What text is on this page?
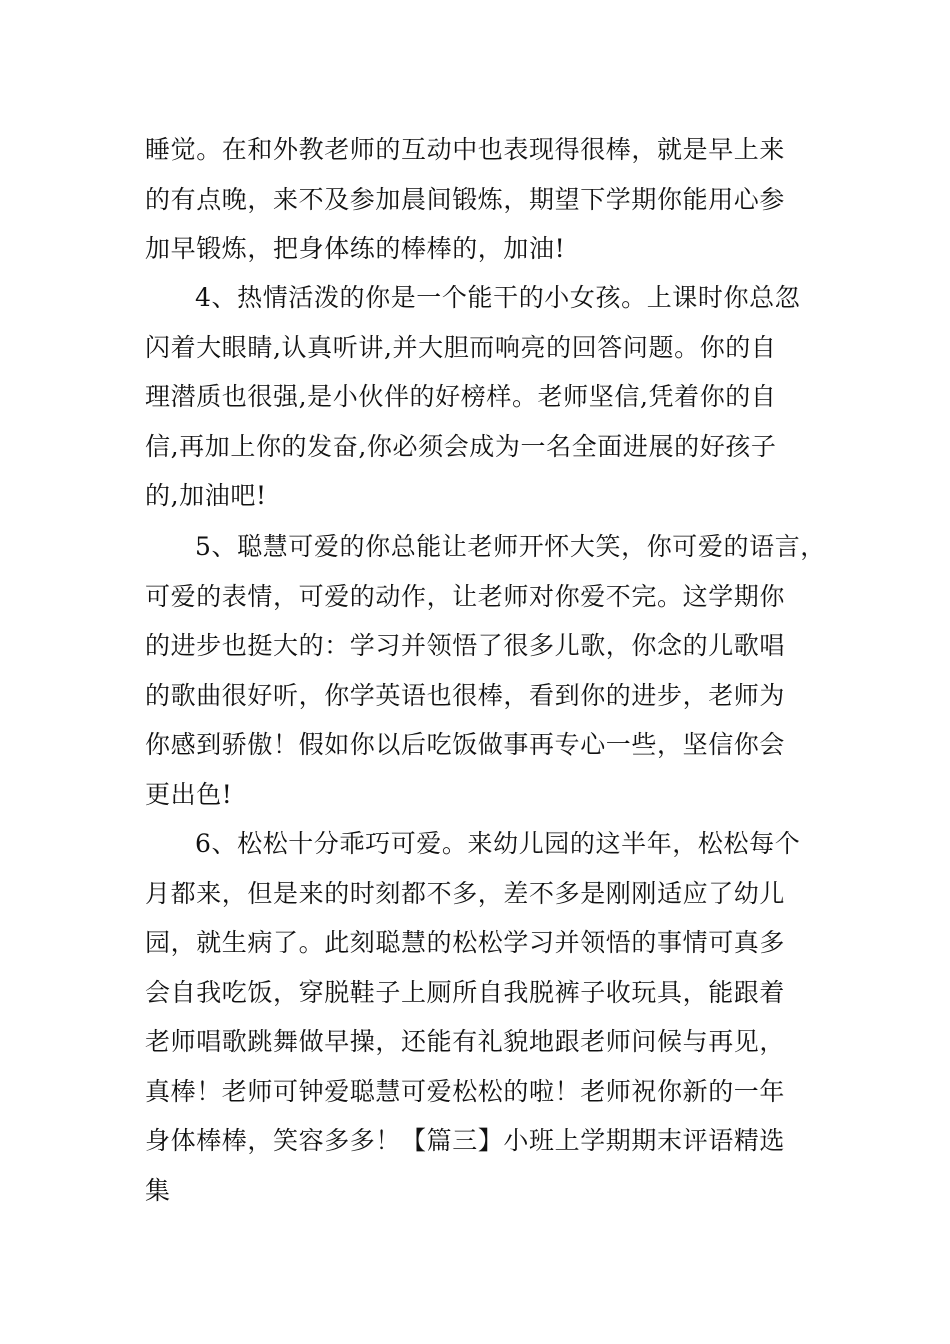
睡觉。在和外教老师的互动中也表现得很棒，就是早上来
的有点晚，来不及参加晨间锻炼，期望下学期你能用心参
加早锻炼，把身体练的棒棒的，加油!
4、热情活泼的你是一个能干的小女孩。上课时你总忽
闪着大眼睛,认真听讲,并大胆而响亮的回答问题。你的自
理潜质也很强,是小伙伴的好榜样。老师坚信,凭着你的自
信,再加上你的发奋,你必须会成为一名全面进展的好孩子
的,加油吧!
5、聪慧可爱的你总能让老师开怀大笑，你可爱的语言，
可爱的表情，可爱的动作，让老师对你爱不完。这学期你
的进步也挺大的：学习并领悟了很多儿歌，你念的儿歌唱
的歌曲很好听，你学英语也很棒，看到你的进步，老师为
你感到骄傲！假如你以后吃饭做事再专心一些，坚信你会
更出色!
6、松松十分乖巧可爱。来幼儿园的这半年，松松每个
月都来，但是来的时刻都不多，差不多是刚刚适应了幼儿
园，就生病了。此刻聪慧的松松学习并领悟的事情可真多
会自我吃饭，穿脱鞋子上厕所自我脱裤子收玩具，能跟着
老师唱歌跳舞做早操，还能有礼貌地跟老师问候与再见，
真棒！老师可钟爱聪慧可爱松松的啦！老师祝你新的一年
身体棒棒，笑容多多！【篇三】小班上学期期末评语精选
集
